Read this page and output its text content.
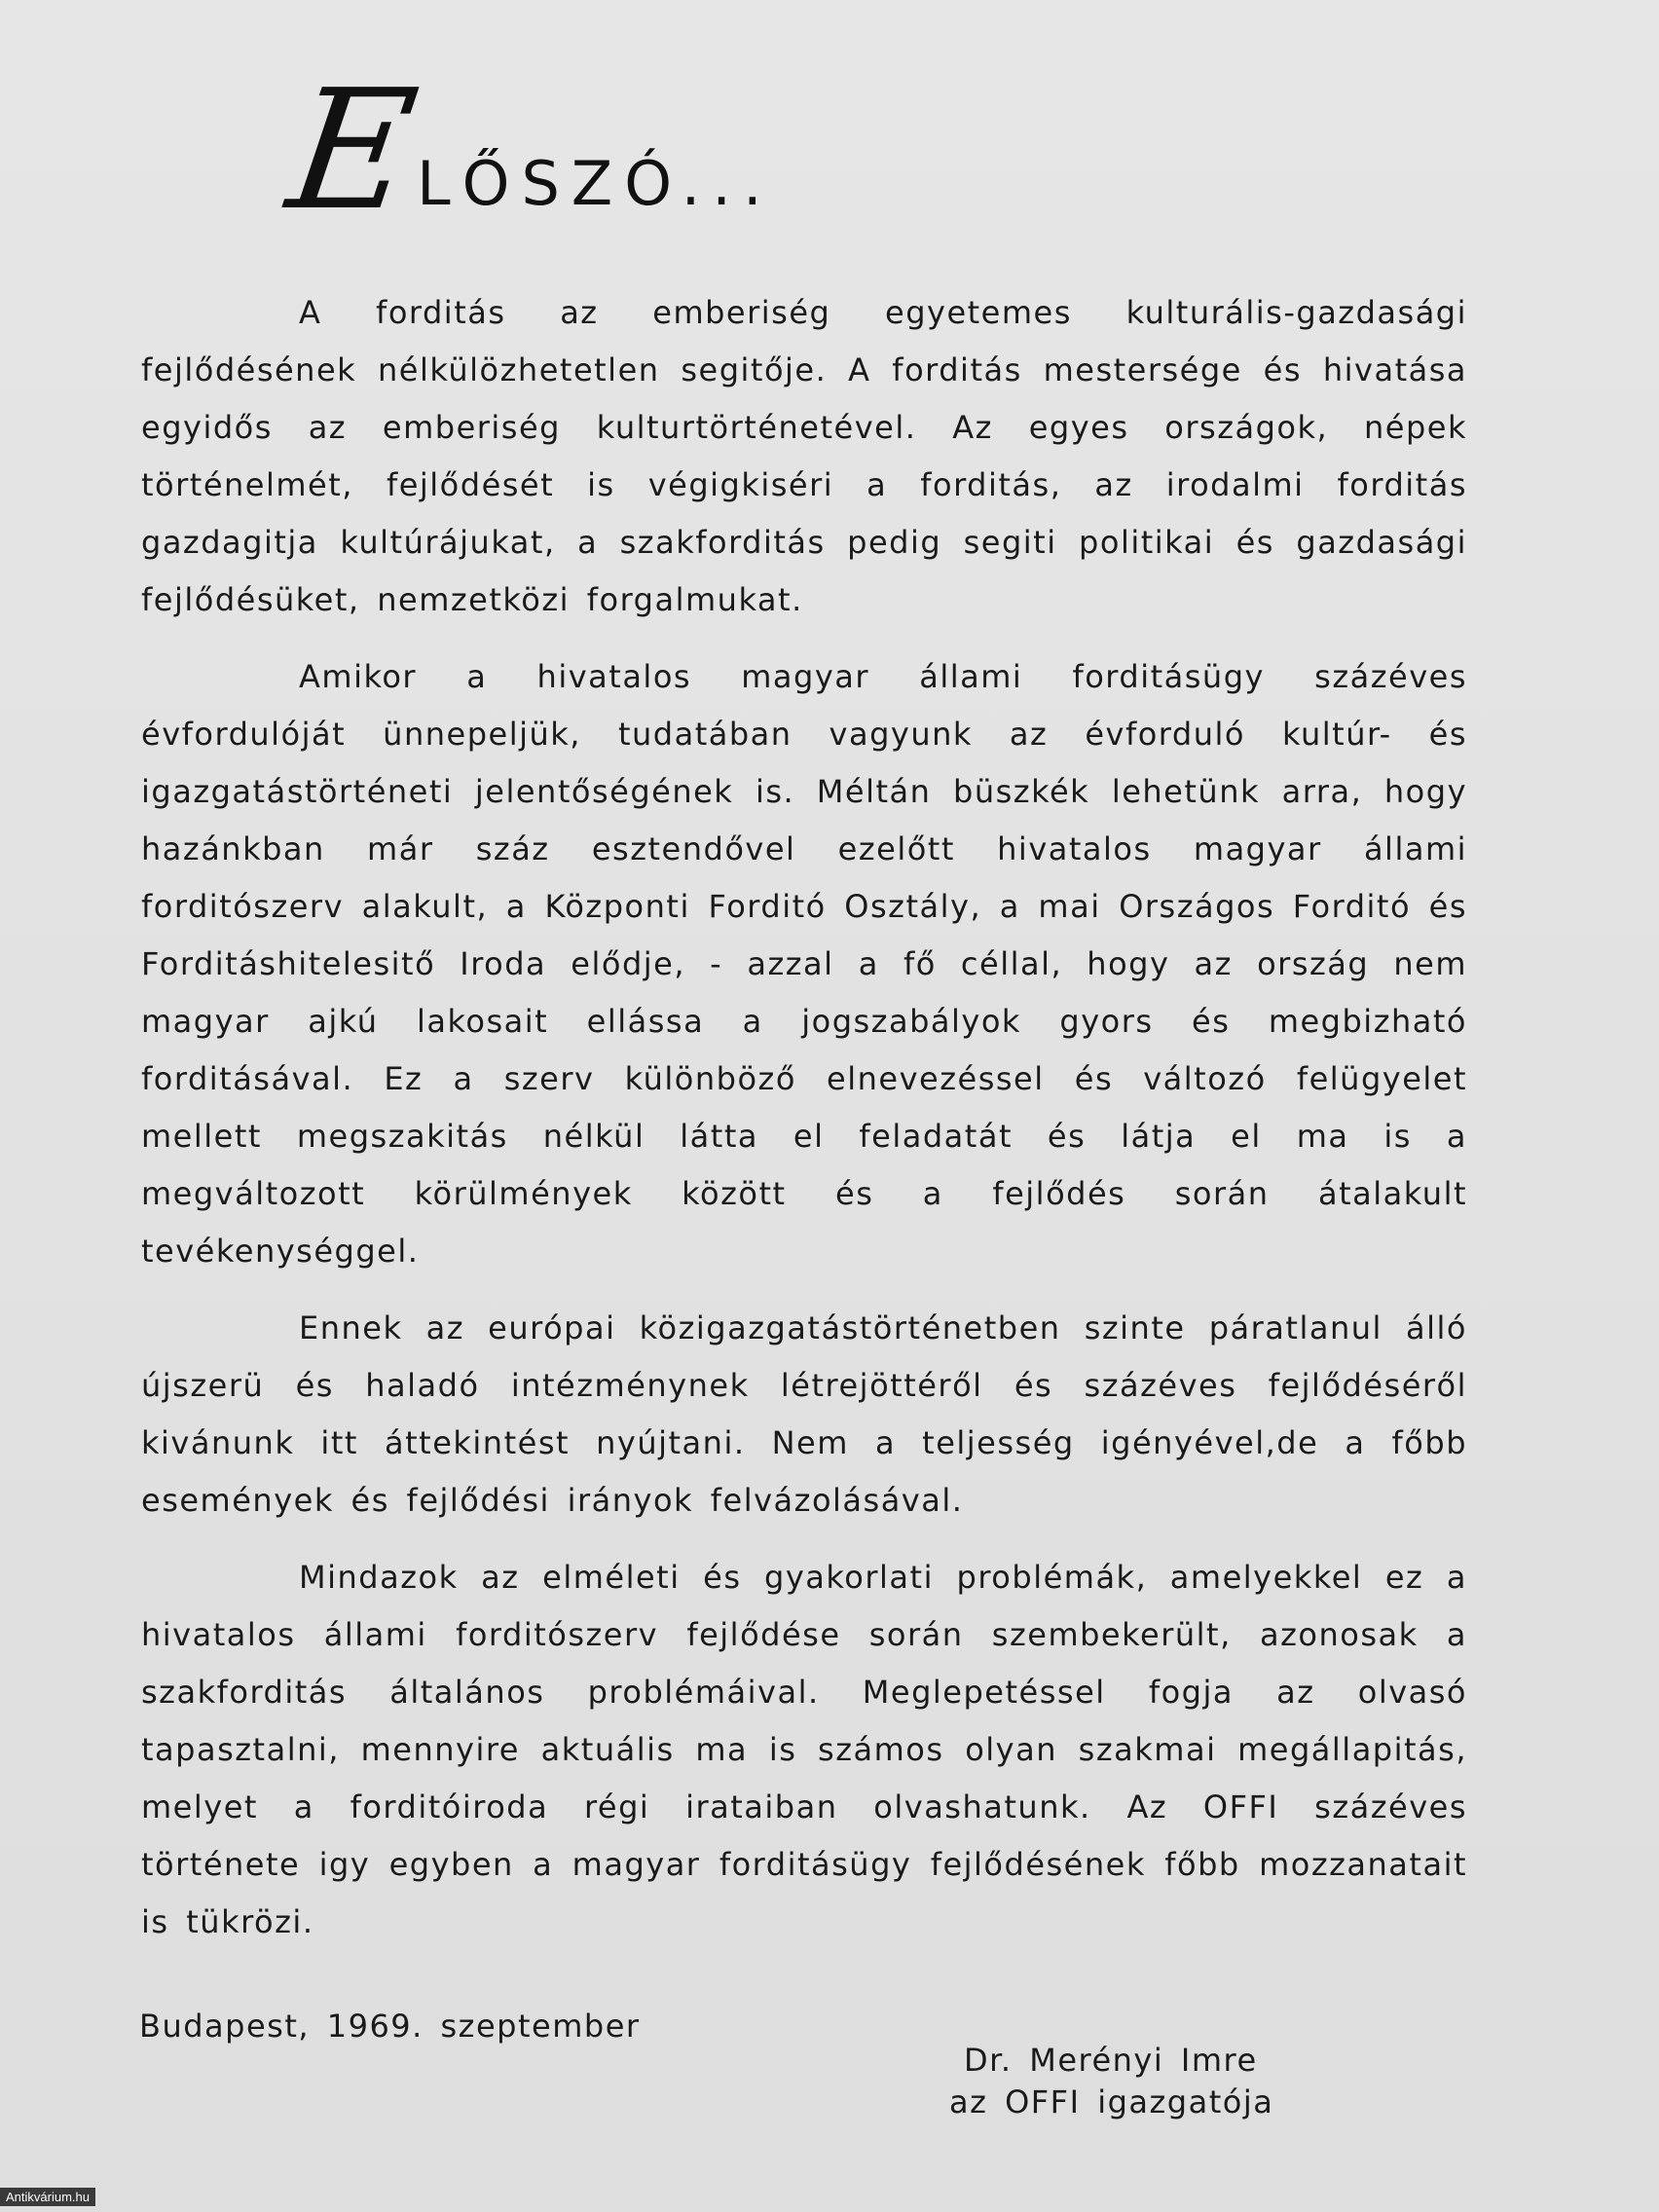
E
LŐSZÓ...

A forditás az emberiség egyetemes kulturális-gazdasági fejlődésének nélkülözhetetlen segitője. A forditás mestersége és hivatása egyidős az emberiség kulturtörténetével. Az egyes országok, népek történelmét, fejlődését is végigkiséri a forditás, az irodalmi forditás gazdagitja kultúrájukat, a szakforditás pedig segiti politikai és gazdasági fejlődésüket, nemzetközi forgalmukat.

Amikor a hivatalos magyar állami forditásügy százéves évfordulóját ünnepeljük, tudatában vagyunk az évforduló kultúr- és igazgatástörténeti jelentőségének is. Méltán büszkék lehetünk arra, hogy hazánkban már száz esztendővel ezelőtt hivatalos magyar állami forditószerv alakult, a Központi Forditó Osztály, a mai Országos Forditó és Forditáshitelesitő Iroda elődje, - azzal a fő céllal, hogy az ország nem magyar ajkú lakosait ellássa a jogszabályok gyors és megbizható forditásával. Ez a szerv különböző elnevezéssel és változó felügyelet mellett megszakitás nélkül látta el feladatát és látja el ma is a megváltozott körülmények között és a fejlődés során átalakult tevékenységgel.

Ennek az európai közigazgatástörténetben szinte páratlanul álló újszerü és haladó intézménynek létrejöttéről és százéves fejlődéséről kivánunk itt áttekintést nyújtani. Nem a teljesség igényével,de a főbb események és fejlődési irányok felvázolásával.

Mindazok az elméleti és gyakorlati problémák, amelyekkel ez a hivatalos állami forditószerv fejlődése során szembekerült, azonosak a szakforditás általános problémáival. Meglepetéssel fogja az olvasó tapasztalni, mennyire aktuális ma is számos olyan szakmai megállapitás, melyet a forditóiroda régi irataiban olvashatunk. Az OFFI százéves története igy egyben a magyar forditásügy fejlődésének főbb mozzanatait is tükrözi.

Budapest, 1969. szeptember
Dr. Merényi Imre
az OFFI igazgatója
Antikvárium.hu
